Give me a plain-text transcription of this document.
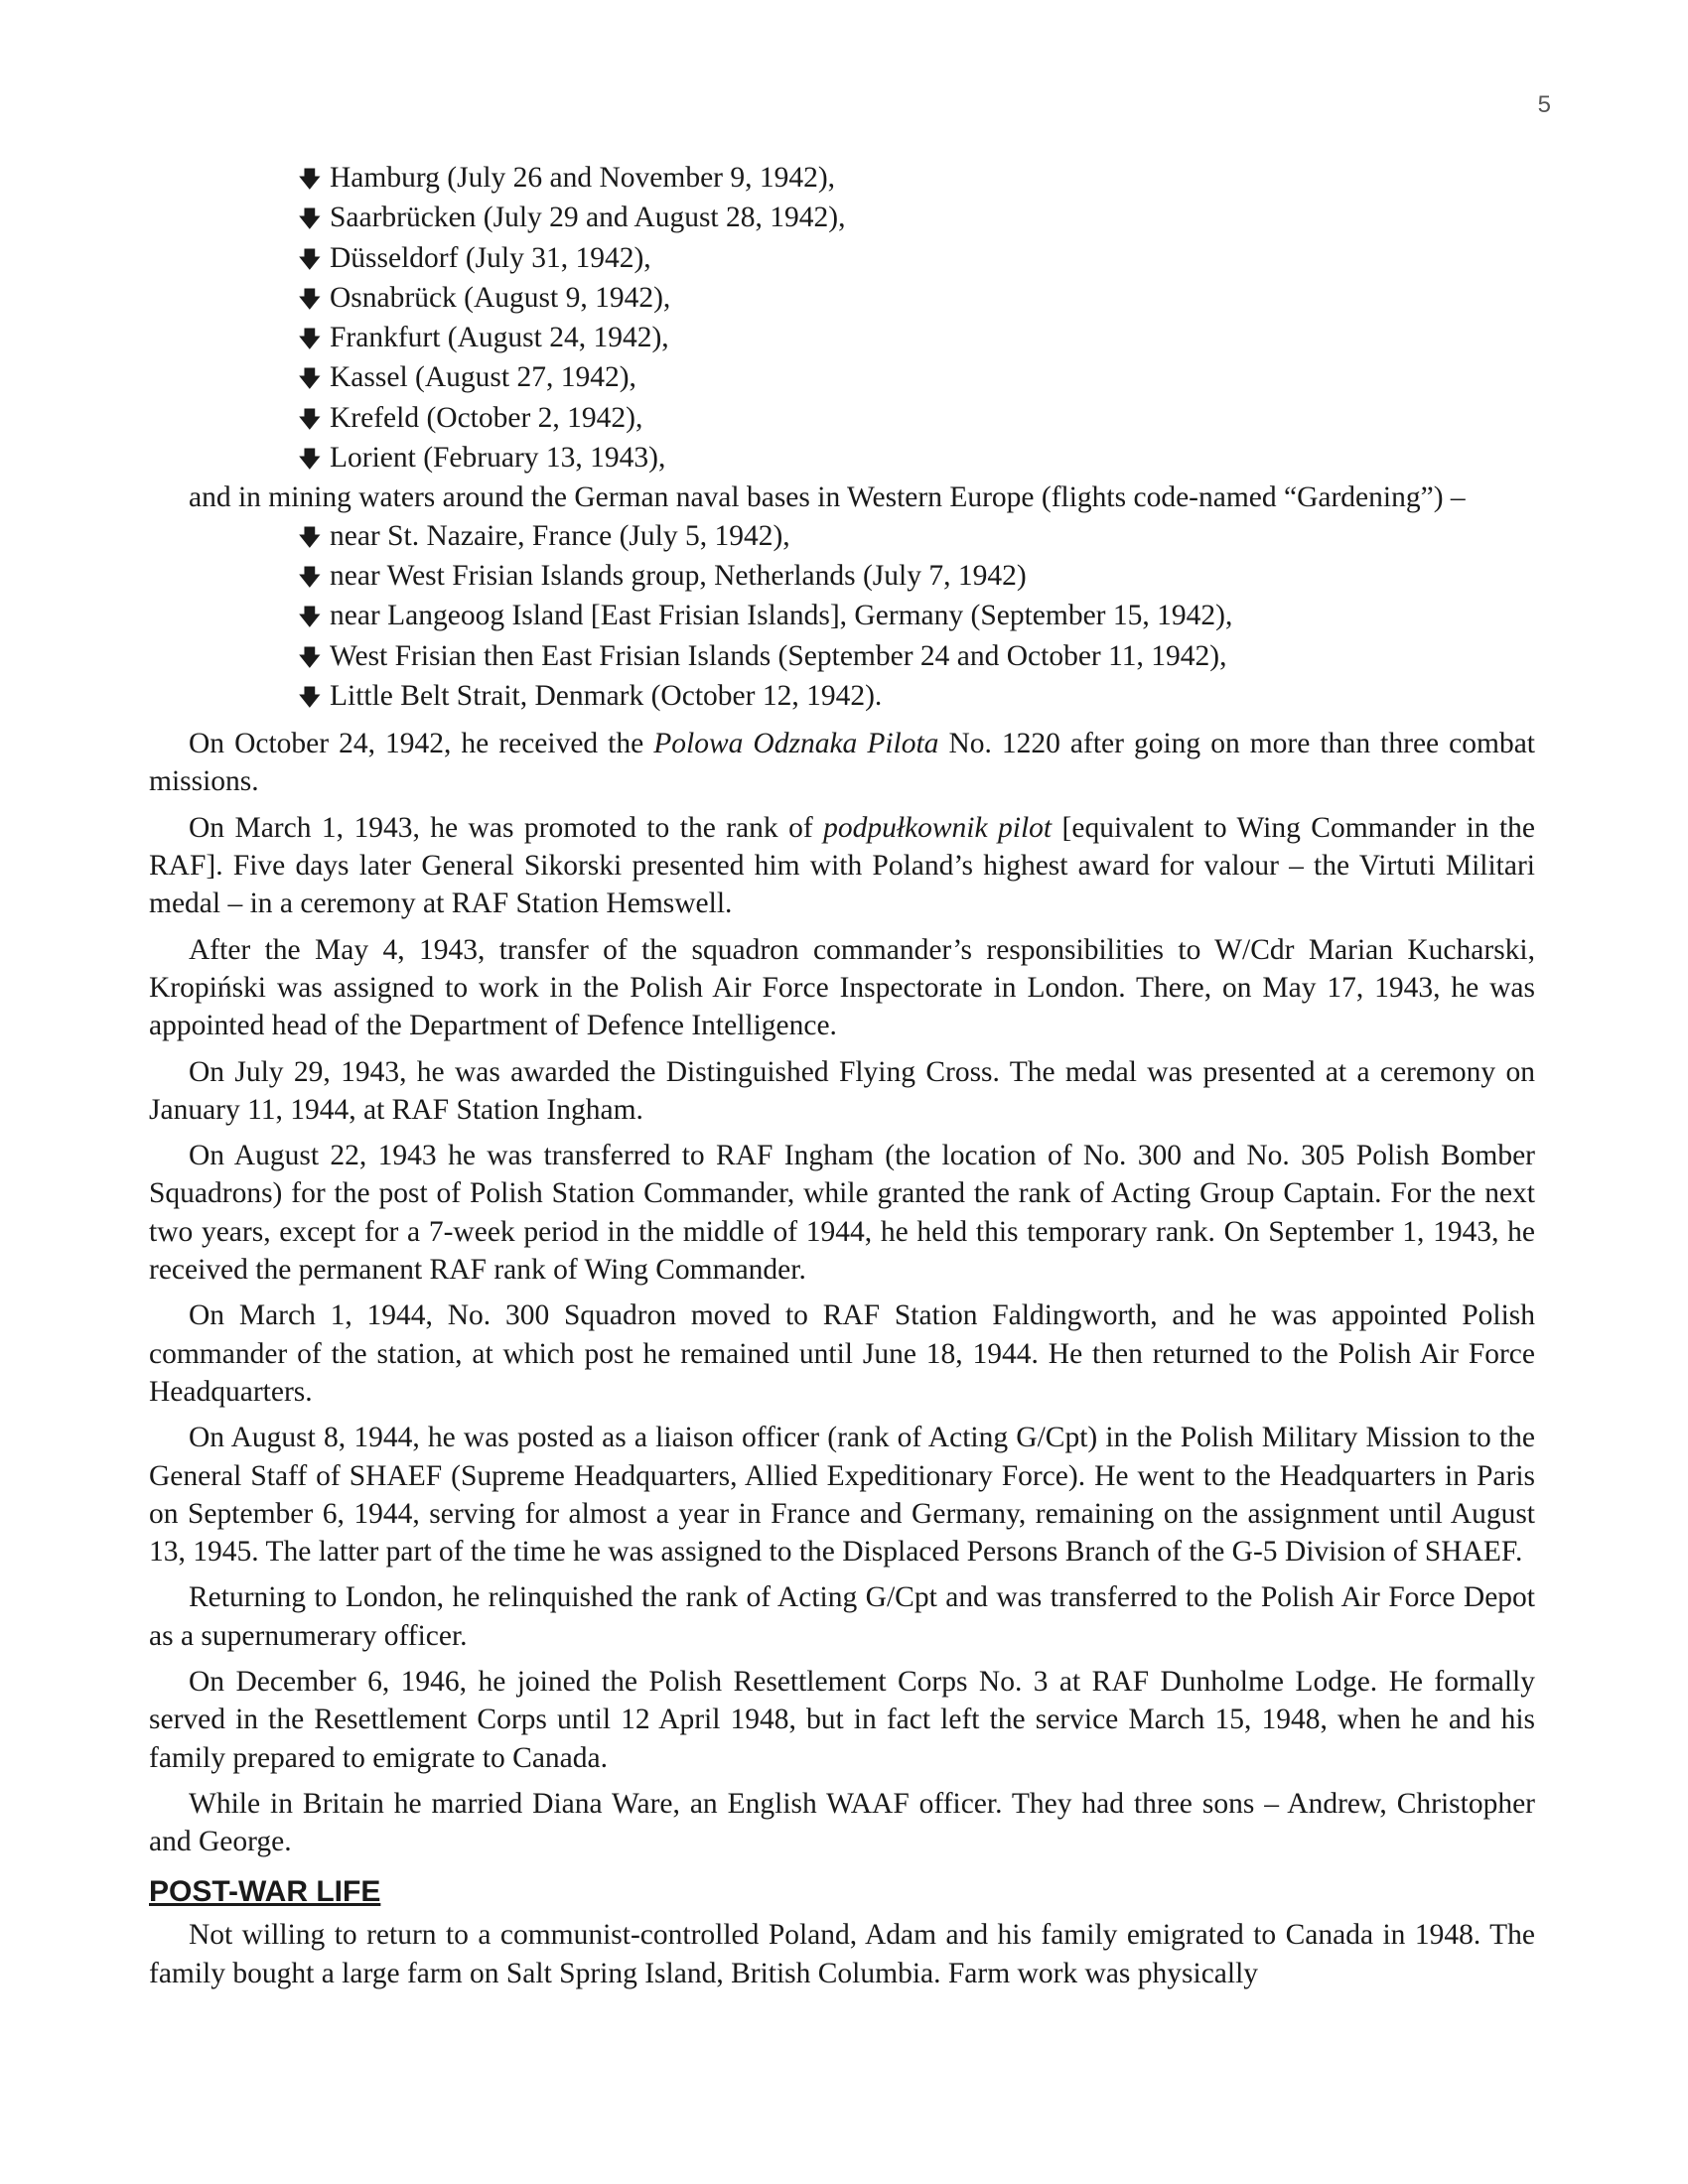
5
🡇 Hamburg (July 26 and November 9, 1942),
🡇 Saarbrücken (July 29 and August 28, 1942),
🡇 Düsseldorf (July 31, 1942),
🡇 Osnabrück (August 9, 1942),
🡇 Frankfurt (August 24, 1942),
🡇 Kassel (August 27, 1942),
🡇 Krefeld (October 2, 1942),
🡇 Lorient (February 13, 1943),

and in mining waters around the German naval bases in Western Europe (flights code-named “Gardening”) –

🡇 near St. Nazaire, France (July 5, 1942),
🡇 near West Frisian Islands group, Netherlands (July 7, 1942)
🡇 near Langeoog Island [East Frisian Islands], Germany (September 15, 1942),
🡇 West Frisian then East Frisian Islands (September 24 and October 11, 1942),
🡇 Little Belt Strait, Denmark (October 12, 1942).

On October 24, 1942, he received the Polowa Odznaka Pilota No. 1220 after going on more than three combat missions.

On March 1, 1943, he was promoted to the rank of podpułkownik pilot [equivalent to Wing Commander in the RAF]. Five days later General Sikorski presented him with Poland’s highest award for valour – the Virtuti Militari medal – in a ceremony at RAF Station Hemswell.

After the May 4, 1943, transfer of the squadron commander’s responsibilities to W/Cdr Marian Kucharski, Kropiński was assigned to work in the Polish Air Force Inspectorate in London. There, on May 17, 1943, he was appointed head of the Department of Defence Intelligence.

On July 29, 1943, he was awarded the Distinguished Flying Cross. The medal was presented at a ceremony on January 11, 1944, at RAF Station Ingham.

On August 22, 1943 he was transferred to RAF Ingham (the location of No. 300 and No. 305 Polish Bomber Squadrons) for the post of Polish Station Commander, while granted the rank of Acting Group Captain. For the next two years, except for a 7-week period in the middle of 1944, he held this temporary rank. On September 1, 1943, he received the permanent RAF rank of Wing Commander.

On March 1, 1944, No. 300 Squadron moved to RAF Station Faldingworth, and he was appointed Polish commander of the station, at which post he remained until June 18, 1944. He then returned to the Polish Air Force Headquarters.

On August 8, 1944, he was posted as a liaison officer (rank of Acting G/Cpt) in the Polish Military Mission to the General Staff of SHAEF (Supreme Headquarters, Allied Expeditionary Force). He went to the Headquarters in Paris on September 6, 1944, serving for almost a year in France and Germany, remaining on the assignment until August 13, 1945. The latter part of the time he was assigned to the Displaced Persons Branch of the G-5 Division of SHAEF.

Returning to London, he relinquished the rank of Acting G/Cpt and was transferred to the Polish Air Force Depot as a supernumerary officer.

On December 6, 1946, he joined the Polish Resettlement Corps No. 3 at RAF Dunholme Lodge. He formally served in the Resettlement Corps until 12 April 1948, but in fact left the service March 15, 1948, when he and his family prepared to emigrate to Canada.

While in Britain he married Diana Ware, an English WAAF officer. They had three sons – Andrew, Christopher and George.

POST-WAR LIFE

Not willing to return to a communist-controlled Poland, Adam and his family emigrated to Canada in 1948. The family bought a large farm on Salt Spring Island, British Columbia. Farm work was physically
